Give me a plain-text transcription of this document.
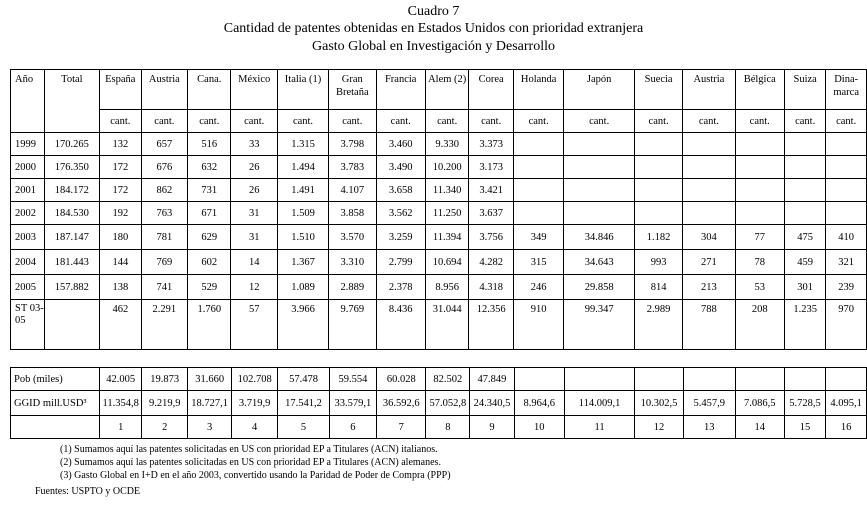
Cuadro 7
Cantidad de patentes obtenidas en Estados Unidos con prioridad extranjera
Gasto Global en Investigación y Desarrollo
Año	Total	España	Austria	Cana.	México	Italia (1)	Gran Bretaña	Francia	Alem (2)	Corea	Holanda	Japón	Suecia	Austria	Bélgica	Suiza	Dina-marca
		cant.	cant.	cant.	cant.	cant.	cant.	cant.	cant.	cant.	cant.	cant.	cant.	cant.	cant.	cant.	cant.
1999	170.265	132	657	516	33	1.315	3.798	3.460	9.330	3.373							
2000	176.350	172	676	632	26	1.494	3.783	3.490	10.200	3.173							
2001	184.172	172	862	731	26	1.491	4.107	3.658	11.340	3.421							
2002	184.530	192	763	671	31	1.509	3.858	3.562	11.250	3.637							
2003	187.147	180	781	629	31	1.510	3.570	3.259	11.394	3.756	349	34.846	1.182	304	77	475	410
2004	181.443	144	769	602	14	1.367	3.310	2.799	10.694	4.282	315	34.643	993	271	78	459	321
2005	157.882	138	741	529	12	1.089	2.889	2.378	8.956	4.318	246	29.858	814	213	53	301	239
ST 03-05		462	2.291	1.760	57	3.966	9.769	8.436	31.044	12.356	910	99.347	2.989	788	208	1.235	970
Pob (miles)	42.005	19.873	31.660	102.708	57.478	59.554	60.028	82.502	47.849							
GGID mill.USD³	11.354,8	9.219,9	18.727,1	3.719,9	17.541,2	33.579,1	36.592,6	57.052,8	24.340,5	8.964,6	114.009,1	10.302,5	5.457,9	7.086,5	5.728,5	4.095,1
	1	2	3	4	5	6	7	8	9	10	11	12	13	14	15	16
(1) Sumamos aquí las patentes solicitadas en US con prioridad EP a Titulares (ACN) italianos.
(2) Sumamos aquí las patentes solicitadas en US con prioridad EP a Titulares (ACN) alemanes.
(3) Gasto Global en I+D en el año 2003, convertido usando la Paridad de Poder de Compra (PPP)
Fuentes: USPTO y OCDE
